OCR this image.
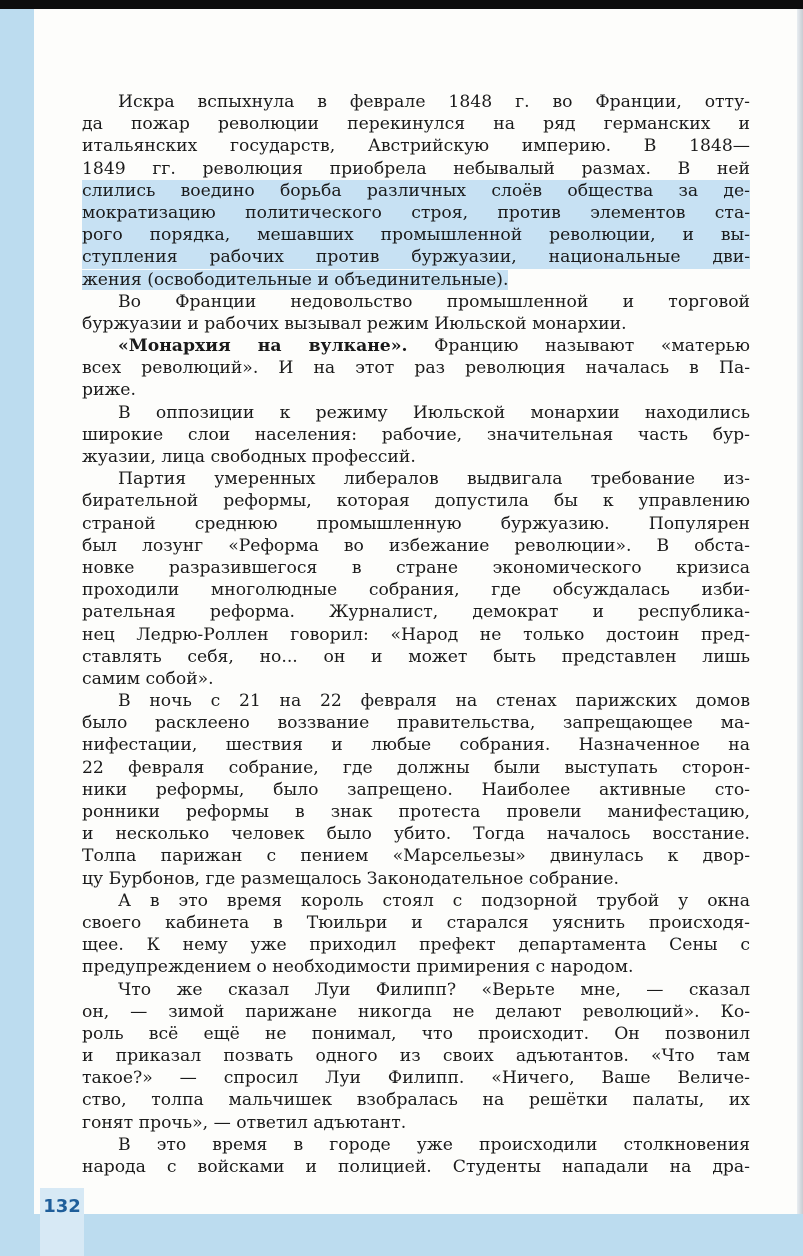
132

Искра вспыхнула в феврале 1848 г. во Франции, отту-
да пожар революции перекинулся на ряд германских и
итальянских государств, Австрийскую империю. В 1848—
1849 гг. революция приобрела небывалый размах. В ней
слились воедино борьба различных слоёв общества за де-
мократизацию политического строя, против элементов ста-
рого порядка, мешавших промышленной революции, и вы-
ступления рабочих против буржуазии, национальные дви-
жения (освободительные и объединительные).

Во Франции недовольство промышленной и торговой
буржуазии и рабочих вызывал режим Июльской монархии.

«Монархия на вулкане». Францию называют «матерью
всех революций». И на этот раз революция началась в Па-
риже.

В оппозиции к режиму Июльской монархии находились
широкие слои населения: рабочие, значительная часть бур-
жуазии, лица свободных профессий.

Партия умеренных либералов выдвигала требование из-
бирательной реформы, которая допустила бы к управлению
страной среднюю промышленную буржуазию. Популярен
был лозунг «Реформа во избежание революции». В обста-
новке разразившегося в стране экономического кризиса
проходили многолюдные собрания, где обсуждалась изби-
рательная реформа. Журналист, демократ и республика-
нец Ледрю-Роллен говорил: «Народ не только достоин пред-
ставлять себя, но... он и может быть представлен лишь
самим собой».

В ночь с 21 на 22 февраля на стенах парижских домов
было расклеено воззвание правительства, запрещающее ма-
нифестации, шествия и любые собрания. Назначенное на
22 февраля собрание, где должны были выступать сторон-
ники реформы, было запрещено. Наиболее активные сто-
ронники реформы в знак протеста провели манифестацию,
и несколько человек было убито. Тогда началось восстание.
Толпа парижан с пением «Марсельезы» двинулась к двор-
цу Бурбонов, где размещалось Законодательное собрание.

А в это время король стоял с подзорной трубой у окна
своего кабинета в Тюильри и старался уяснить происходя-
щее. К нему уже приходил префект департамента Сены с
предупреждением о необходимости примирения с народом.

Что же сказал Луи Филипп? «Верьте мне, — сказал
он, — зимой парижане никогда не делают революций». Ко-
роль всё ещё не понимал, что происходит. Он позвонил
и приказал позвать одного из своих адъютантов. «Что там
такое?» — спросил Луи Филипп. «Ничего, Ваше Величе-
ство, толпа мальчишек взобралась на решётки палаты, их
гонят прочь», — ответил адъютант.

В это время в городе уже происходили столкновения
народа с войсками и полицией. Студенты нападали на дра-
